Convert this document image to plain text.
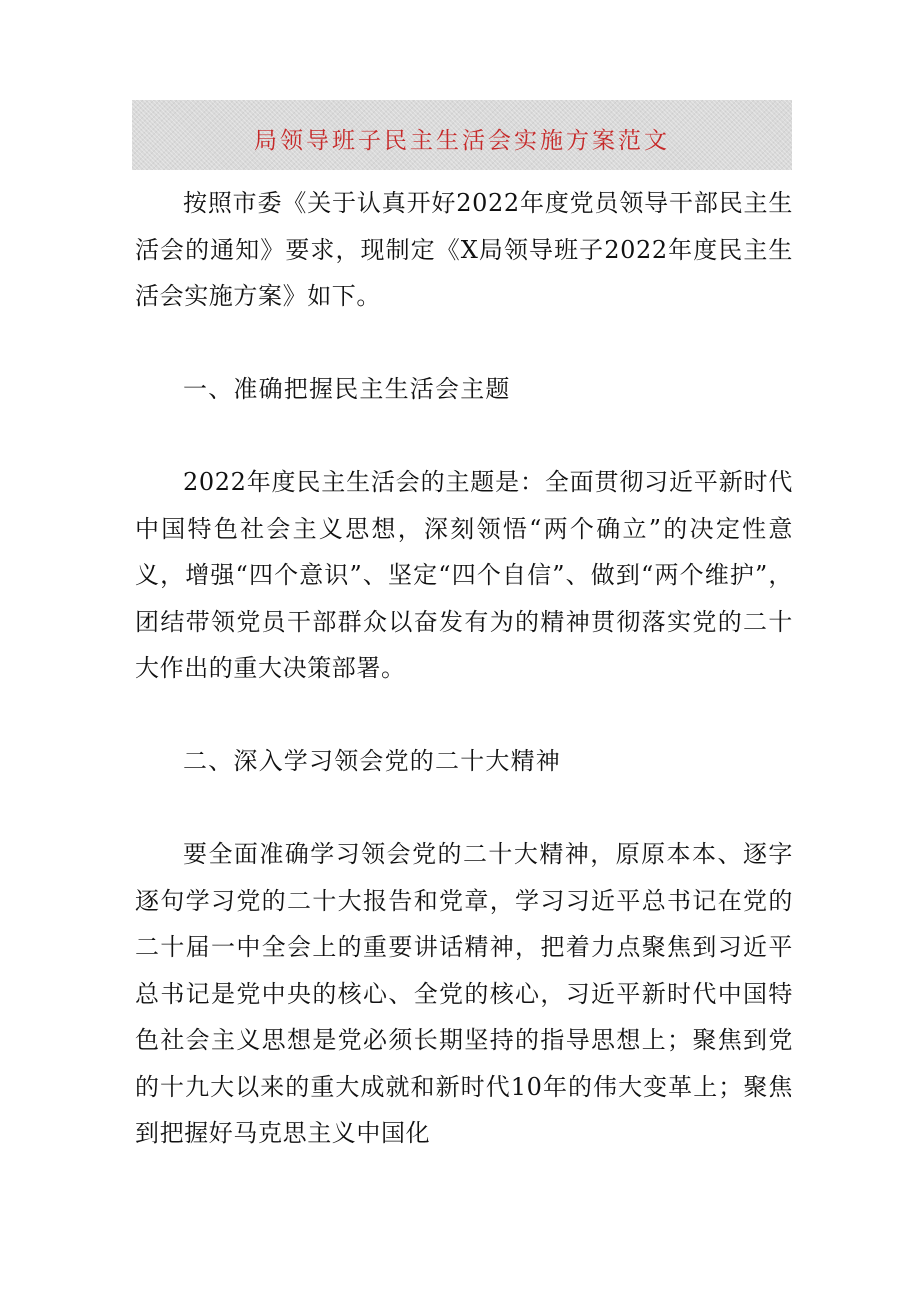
局领导班子民主生活会实施方案范文

按照市委《关于认真开好2022年度党员领导干部民主生活会的通知》要求，现制定《X局领导班子2022年度民主生活会实施方案》如下。

一、准确把握民主生活会主题

2022年度民主生活会的主题是：全面贯彻习近平新时代中国特色社会主义思想，深刻领悟“两个确立”的决定性意义，增强“四个意识”、坚定“四个自信”、做到“两个维护”，团结带领党员干部群众以奋发有为的精神贯彻落实党的二十大作出的重大决策部署。

二、深入学习领会党的二十大精神

要全面准确学习领会党的二十大精神，原原本本、逐字逐句学习党的二十大报告和党章，学习习近平总书记在党的二十届一中全会上的重要讲话精神，把着力点聚焦到习近平总书记是党中央的核心、全党的核心，习近平新时代中国特色社会主义思想是党必须长期坚持的指导思想上；聚焦到党的十九大以来的重大成就和新时代10年的伟大变革上；聚焦到把握好马克思主义中国化
